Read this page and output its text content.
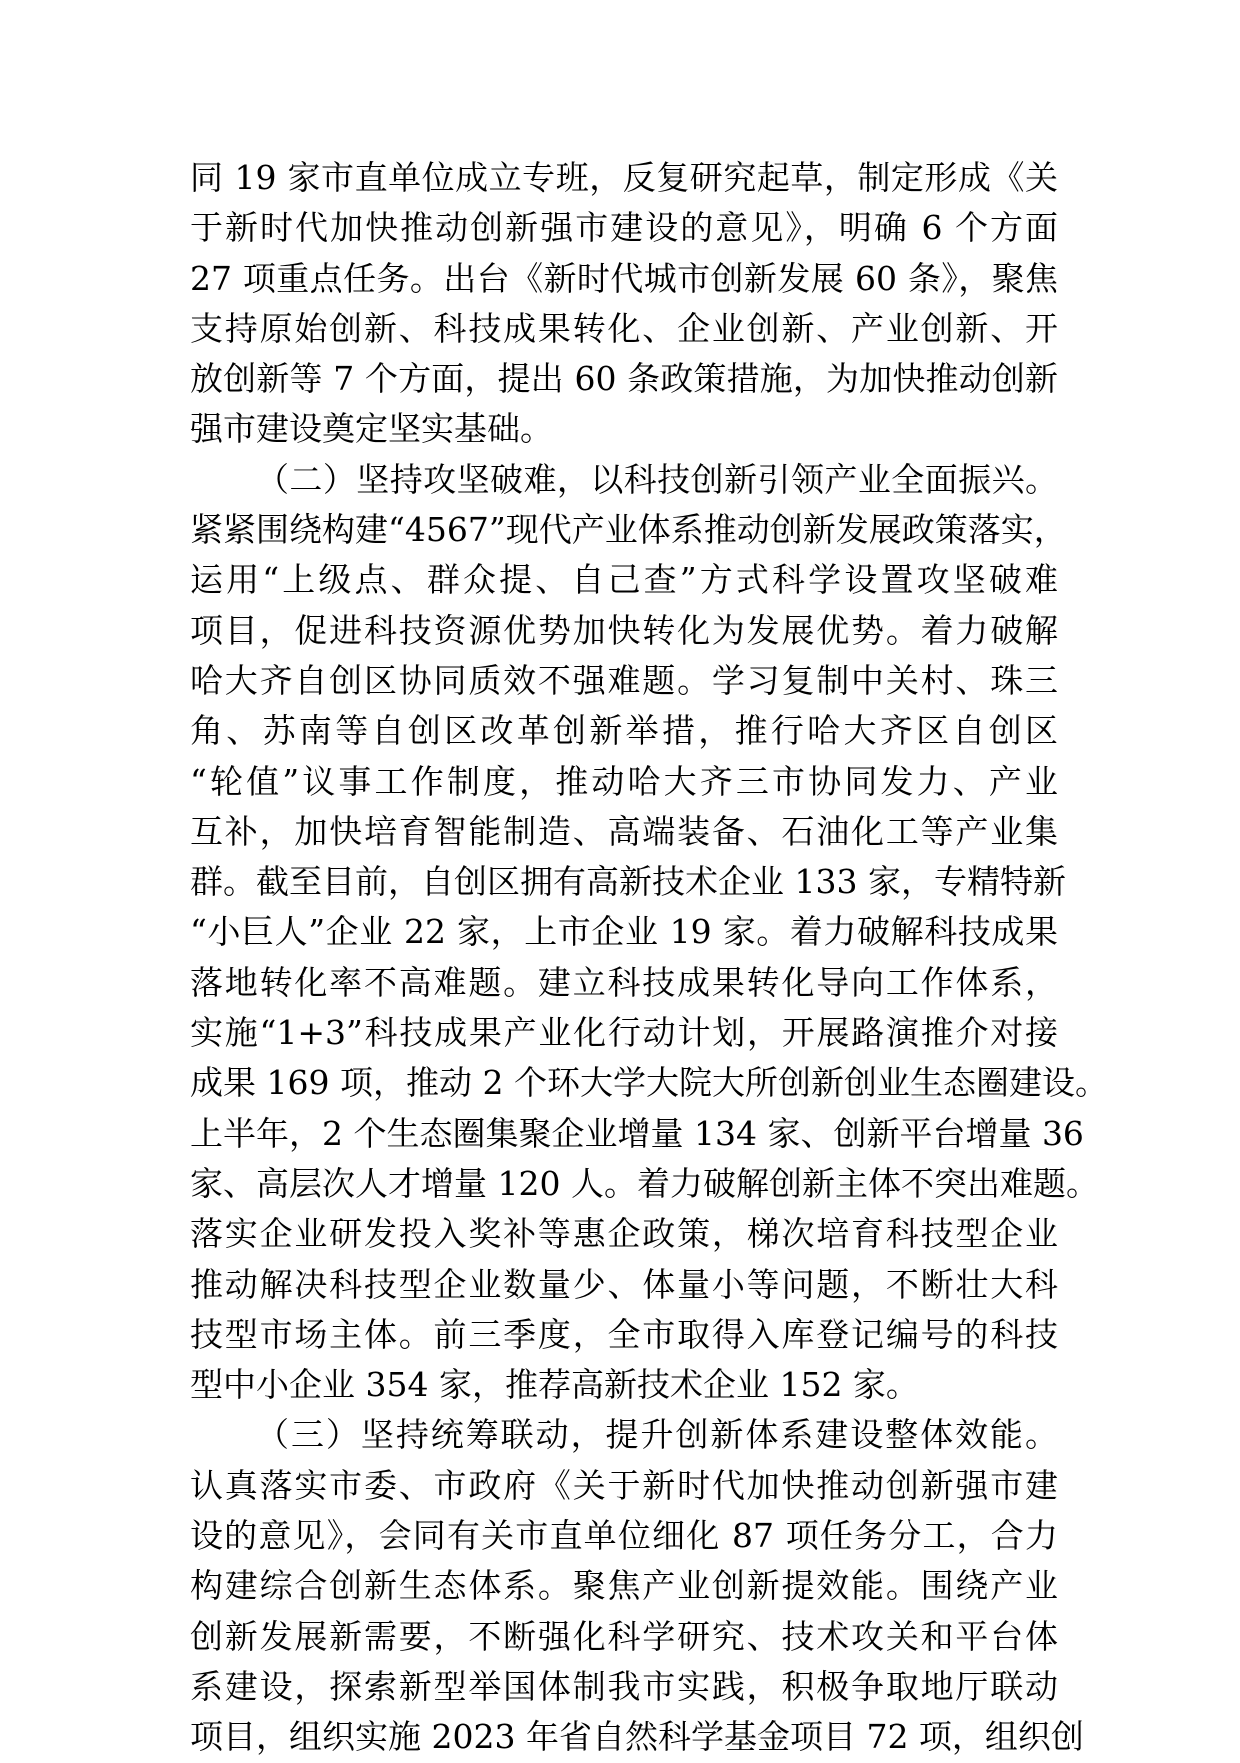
同 19 家市直单位成立专班，反复研究起草，制定形成《关
于新时代加快推动创新强市建设的意见》，明确 6 个方面
27 项重点任务。出台《新时代城市创新发展 60 条》，聚焦
支持原始创新、科技成果转化、企业创新、产业创新、开
放创新等 7 个方面，提出 60 条政策措施，为加快推动创新
强市建设奠定坚实基础。
（二）坚持攻坚破难，以科技创新引领产业全面振兴。
紧紧围绕构建“4567”现代产业体系推动创新发展政策落实，
运用“上级点、群众提、自己查”方式科学设置攻坚破难
项目，促进科技资源优势加快转化为发展优势。着力破解
哈大齐自创区协同质效不强难题。学习复制中关村、珠三
角、苏南等自创区改革创新举措，推行哈大齐区自创区
“轮值”议事工作制度，推动哈大齐三市协同发力、产业
互补，加快培育智能制造、高端装备、石油化工等产业集
群。截至目前，自创区拥有高新技术企业 133 家，专精特新
“小巨人”企业 22 家，上市企业 19 家。着力破解科技成果
落地转化率不高难题。建立科技成果转化导向工作体系，
实施“1+3”科技成果产业化行动计划，开展路演推介对接
成果 169 项，推动 2 个环大学大院大所创新创业生态圈建设。
上半年，2 个生态圈集聚企业增量 134 家、创新平台增量 36
家、高层次人才增量 120 人。着力破解创新主体不突出难题。
落实企业研发投入奖补等惠企政策，梯次培育科技型企业
推动解决科技型企业数量少、体量小等问题，不断壮大科
技型市场主体。前三季度，全市取得入库登记编号的科技
型中小企业 354 家，推荐高新技术企业 152 家。
（三）坚持统筹联动，提升创新体系建设整体效能。
认真落实市委、市政府《关于新时代加快推动创新强市建
设的意见》，会同有关市直单位细化 87 项任务分工，合力
构建综合创新生态体系。聚焦产业创新提效能。围绕产业
创新发展新需要，不断强化科学研究、技术攻关和平台体
系建设，探索新型举国体制我市实践，积极争取地厅联动
项目，组织实施 2023 年省自然科学基金项目 72 项，组织创
